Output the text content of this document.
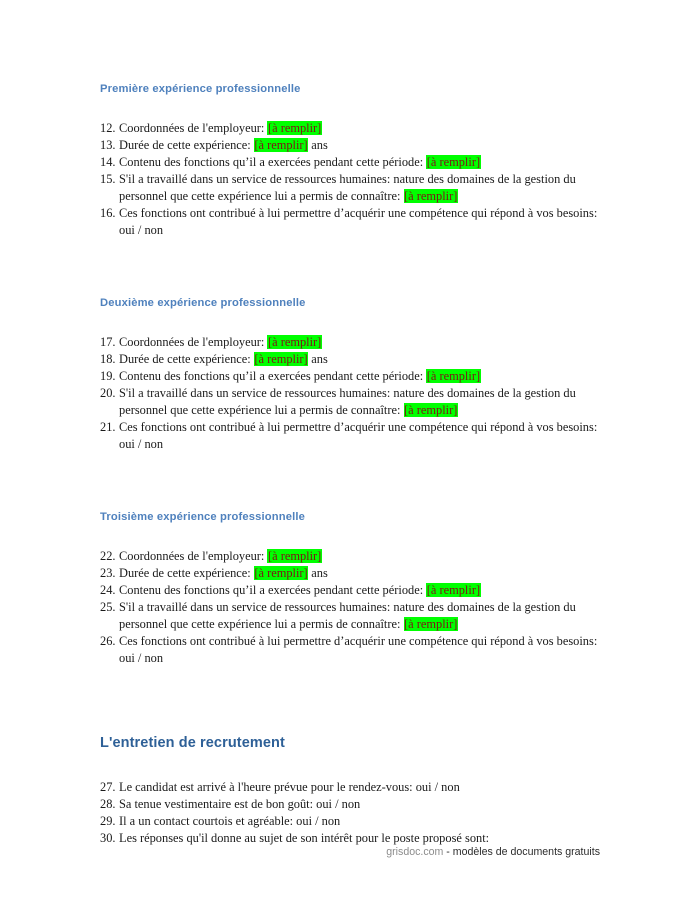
Première expérience professionnelle
12. Coordonnées de l'employeur: [à remplir]
13. Durée de cette expérience: [à remplir] ans
14. Contenu des fonctions qu’il a exercées pendant cette période: [à remplir]
15. S'il a travaillé dans un service de ressources humaines: nature des domaines de la gestion du personnel que cette expérience lui a permis de connaître: [à remplir]
16. Ces fonctions ont contribué à lui permettre d’acquérir une compétence qui répond à vos besoins: oui / non
Deuxième expérience professionnelle
17. Coordonnées de l'employeur: [à remplir]
18. Durée de cette expérience: [à remplir] ans
19. Contenu des fonctions qu’il a exercées pendant cette période: [à remplir]
20. S'il a travaillé dans un service de ressources humaines: nature des domaines de la gestion du personnel que cette expérience lui a permis de connaître: [à remplir]
21. Ces fonctions ont contribué à lui permettre d’acquérir une compétence qui répond à vos besoins: oui / non
Troisième expérience professionnelle
22. Coordonnées de l'employeur: [à remplir]
23. Durée de cette expérience: [à remplir] ans
24. Contenu des fonctions qu’il a exercées pendant cette période: [à remplir]
25. S'il a travaillé dans un service de ressources humaines: nature des domaines de la gestion du personnel que cette expérience lui a permis de connaître: [à remplir]
26. Ces fonctions ont contribué à lui permettre d’acquérir une compétence qui répond à vos besoins: oui / non
L'entretien de recrutement
27. Le candidat est arrivé à l'heure prévue pour le rendez-vous: oui / non
28. Sa tenue vestimentaire est de bon goût: oui / non
29. Il a un contact courtois et agréable: oui / non
30. Les réponses qu'il donne au sujet de son intérêt pour le poste proposé sont:
grisdoc.com - modèles de documents gratuits
